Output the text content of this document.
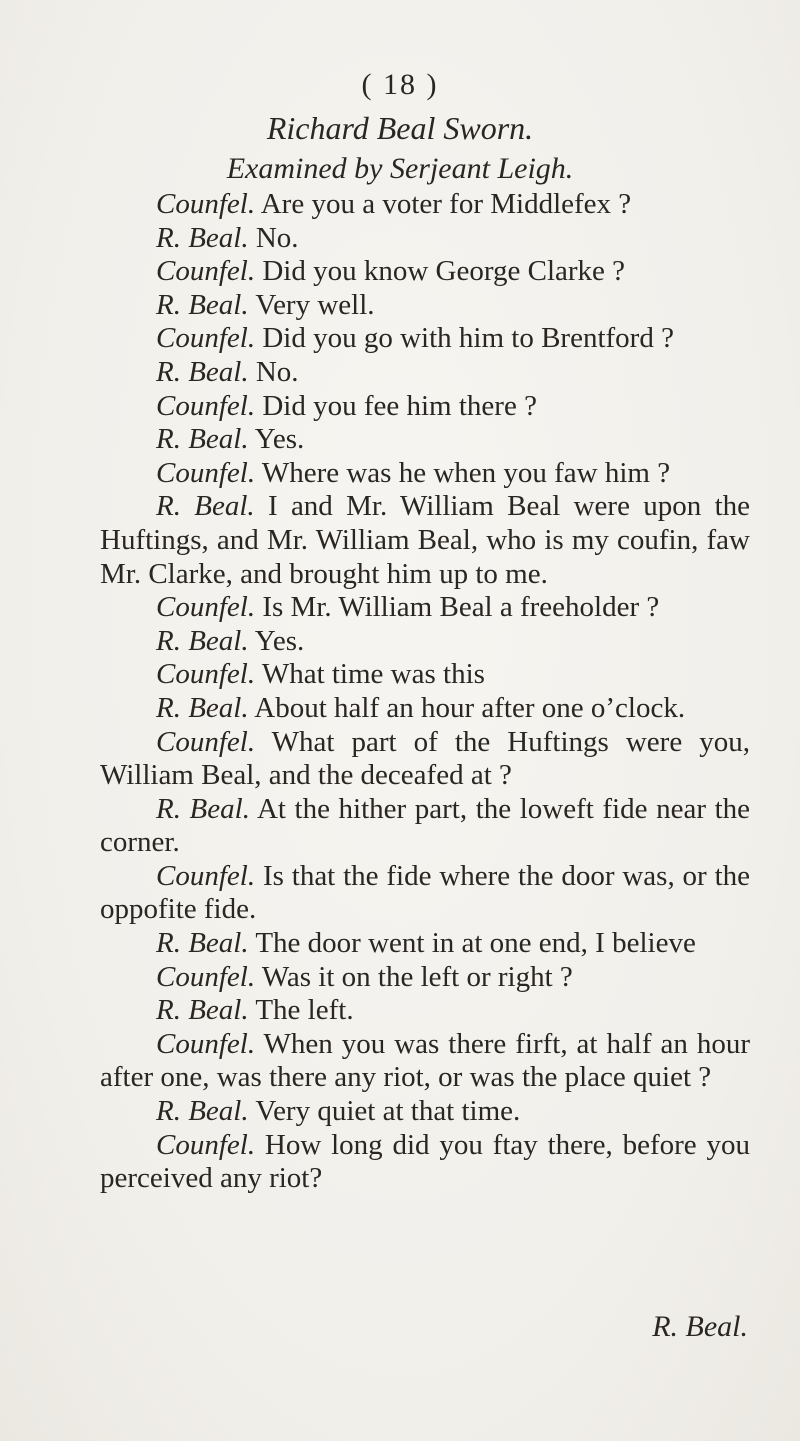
( 18 )
Richard Beal Sworn.
Examined by Serjeant Leigh.

Counfel. Are you a voter for Middlefex ?

R. Beal. No.

Counfel. Did you know George Clarke ?

R. Beal. Very well.

Counfel. Did you go with him to Brentford ?

R. Beal. No.

Counfel. Did you fee him there ?

R. Beal. Yes.

Counfel. Where was he when you faw him ?

R. Beal. I and Mr. William Beal were upon the Huftings, and Mr. William Beal, who is my coufin, faw Mr. Clarke, and brought him up to me.

Counfel. Is Mr. William Beal a freeholder ?

R. Beal. Yes.

Counfel. What time was this

R. Beal. About half an hour after one o’clock.

Counfel. What part of the Huftings were you, William Beal, and the deceafed at ?

R. Beal. At the hither part, the loweft fide near the corner.

Counfel. Is that the fide where the door was, or the oppofite fide.

R. Beal. The door went in at one end, I believe

Counfel. Was it on the left or right ?

R. Beal. The left.

Counfel. When you was there firft, at half an hour after one, was there any riot, or was the place quiet ?

R. Beal. Very quiet at that time.

Counfel. How long did you ftay there, before you perceived any riot?

R. Beal.
